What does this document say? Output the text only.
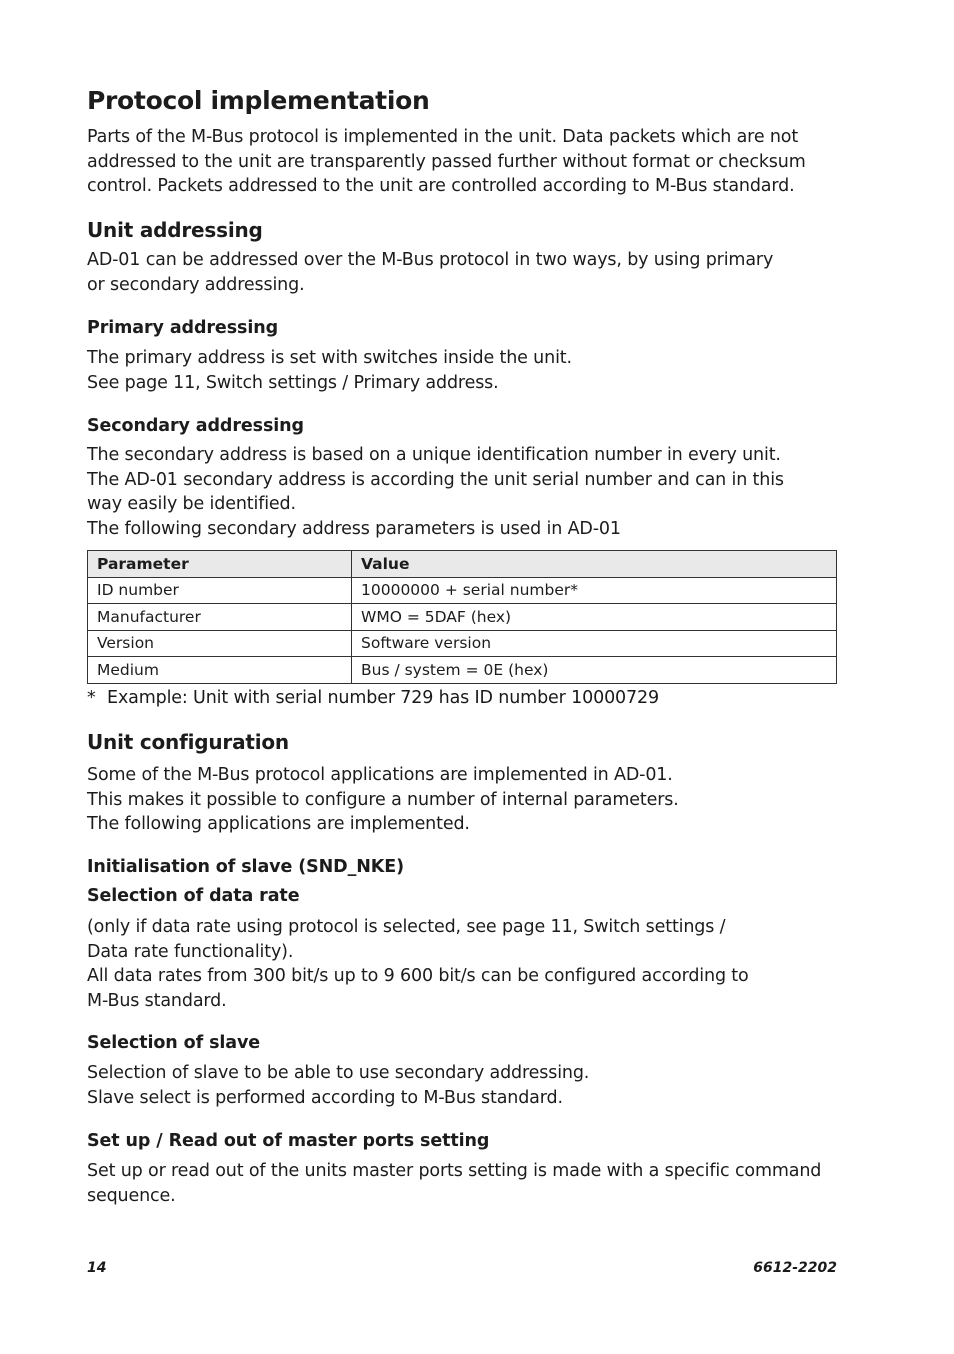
Protocol implementation
Parts of the M-Bus protocol is implemented in the unit. Data packets which are not
addressed to the unit are transparently passed further without format or checksum
control. Packets addressed to the unit are controlled according to M-Bus standard.
Unit addressing
AD-01 can be addressed over the M-Bus protocol in two ways, by using primary
or secondary addressing.
Primary addressing
The primary address is set with switches inside the unit.
See page 11, Switch settings / Primary address.
Secondary addressing
The secondary address is based on a unique identification number in every unit.
The AD-01 secondary address is according the unit serial number and can in this
way easily be identified.
The following secondary address parameters is used in AD-01
Parameter	Value
ID number	10000000 + serial number*
Manufacturer	WMO = 5DAF (hex)
Version	Software version
Medium	Bus / system = 0E (hex)
* Example: Unit with serial number 729 has ID number 10000729
Unit configuration
Some of the M-Bus protocol applications are implemented in AD-01.
This makes it possible to configure a number of internal parameters.
The following applications are implemented.
Initialisation of slave (SND_NKE)
Selection of data rate
(only if data rate using protocol is selected, see page 11, Switch settings /
Data rate functionality).
All data rates from 300 bit/s up to 9 600 bit/s can be configured according to
M-Bus standard.
Selection of slave
Selection of slave to be able to use secondary addressing.
Slave select is performed according to M-Bus standard.
Set up / Read out of master ports setting
Set up or read out of the units master ports setting is made with a specific command
sequence.
14	6612-2202
